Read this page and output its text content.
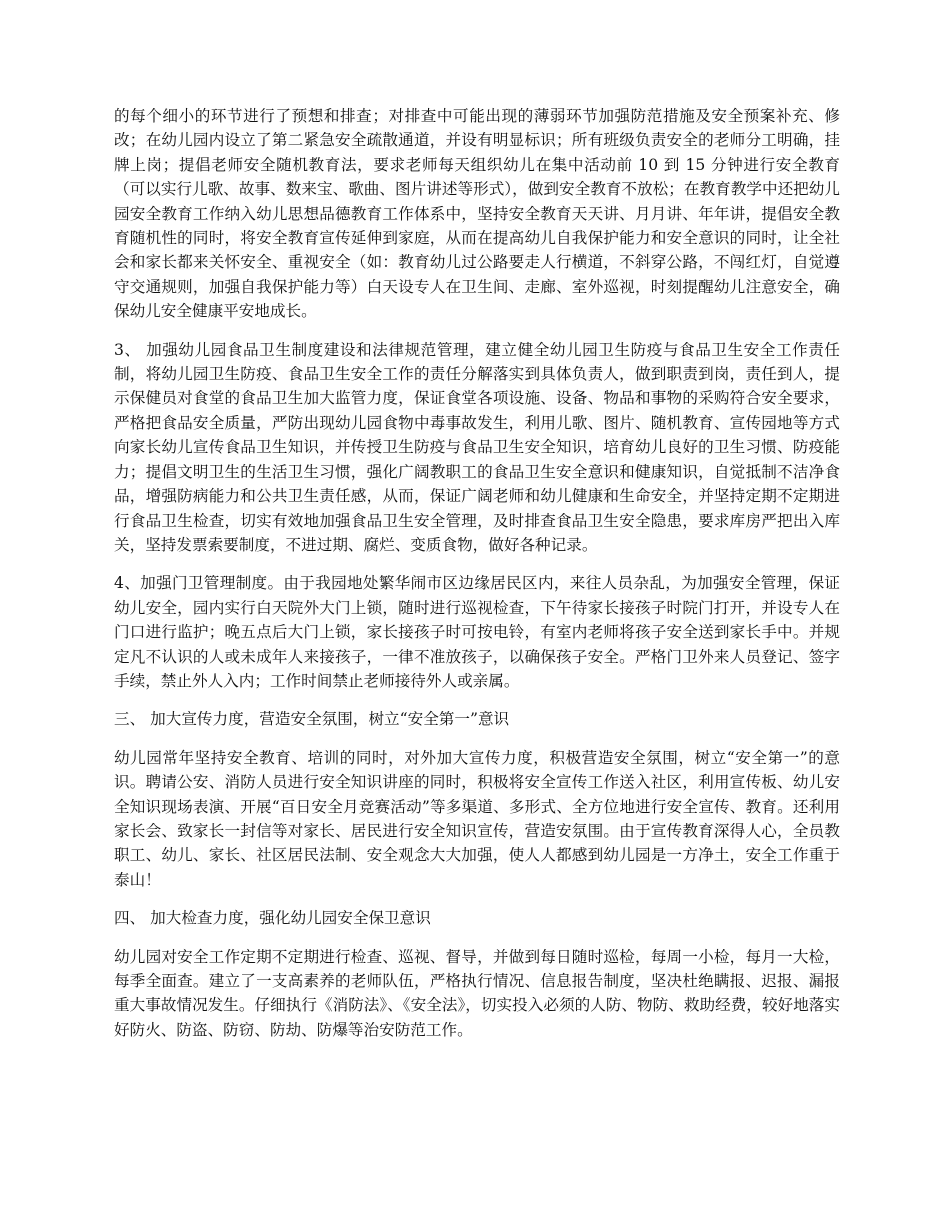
的每个细小的环节进行了预想和排查；对排查中可能出现的薄弱环节加强防范措施及安全预案补充、修改；在幼儿园内设立了第二紧急安全疏散通道，并设有明显标识；所有班级负责安全的老师分工明确，挂牌上岗；提倡老师安全随机教育法，要求老师每天组织幼儿在集中活动前 10 到 15 分钟进行安全教育（可以实行儿歌、故事、数来宝、歌曲、图片讲述等形式），做到安全教育不放松；在教育教学中还把幼儿园安全教育工作纳入幼儿思想品德教育工作体系中，坚持安全教育天天讲、月月讲、年年讲，提倡安全教育随机性的同时，将安全教育宣传延伸到家庭，从而在提高幼儿自我保护能力和安全意识的同时，让全社会和家长都来关怀安全、重视安全（如：教育幼儿过公路要走人行横道，不斜穿公路，不闯红灯，自觉遵守交通规则，加强自我保护能力等）白天设专人在卫生间、走廊、室外巡视，时刻提醒幼儿注意安全，确保幼儿安全健康平安地成长。

3、 加强幼儿园食品卫生制度建设和法律规范管理，建立健全幼儿园卫生防疫与食品卫生安全工作责任制，将幼儿园卫生防疫、食品卫生安全工作的责任分解落实到具体负责人，做到职责到岗，责任到人，提示保健员对食堂的食品卫生加大监管力度，保证食堂各项设施、设备、物品和事物的采购符合安全要求，严格把食品安全质量，严防出现幼儿园食物中毒事故发生，利用儿歌、图片、随机教育、宣传园地等方式向家长幼儿宣传食品卫生知识，并传授卫生防疫与食品卫生安全知识，培育幼儿良好的卫生习惯、防疫能力；提倡文明卫生的生活卫生习惯，强化广阔教职工的食品卫生安全意识和健康知识，自觉抵制不洁净食品，增强防病能力和公共卫生责任感，从而，保证广阔老师和幼儿健康和生命安全，并坚持定期不定期进行食品卫生检查，切实有效地加强食品卫生安全管理，及时排查食品卫生安全隐患，要求库房严把出入库关，坚持发票索要制度，不进过期、腐烂、变质食物，做好各种记录。

4、加强门卫管理制度。由于我园地处繁华闹市区边缘居民区内，来往人员杂乱，为加强安全管理，保证幼儿安全，园内实行白天院外大门上锁，随时进行巡视检查，下午待家长接孩子时院门打开，并设专人在门口进行监护；晚五点后大门上锁，家长接孩子时可按电铃，有室内老师将孩子安全送到家长手中。并规定凡不认识的人或未成年人来接孩子，一律不准放孩子，以确保孩子安全。严格门卫外来人员登记、签字手续，禁止外人入内；工作时间禁止老师接待外人或亲属。

三、 加大宣传力度，营造安全氛围，树立“安全第一”意识

幼儿园常年坚持安全教育、培训的同时，对外加大宣传力度，积极营造安全氛围，树立“安全第一”的意识。聘请公安、消防人员进行安全知识讲座的同时，积极将安全宣传工作送入社区，利用宣传板、幼儿安全知识现场表演、开展“百日安全月竞赛活动”等多渠道、多形式、全方位地进行安全宣传、教育。还利用家长会、致家长一封信等对家长、居民进行安全知识宣传，营造安氛围。由于宣传教育深得人心，全员教职工、幼儿、家长、社区居民法制、安全观念大大加强，使人人都感到幼儿园是一方净土，安全工作重于泰山！

四、 加大检查力度，强化幼儿园安全保卫意识

幼儿园对安全工作定期不定期进行检查、巡视、督导，并做到每日随时巡检，每周一小检，每月一大检，每季全面查。建立了一支高素养的老师队伍，严格执行情况、信息报告制度，坚决杜绝瞒报、迟报、漏报重大事故情况发生。仔细执行《消防法》、《安全法》，切实投入必须的人防、物防、救助经费，较好地落实好防火、防盗、防窃、防劫、防爆等治安防范工作。
